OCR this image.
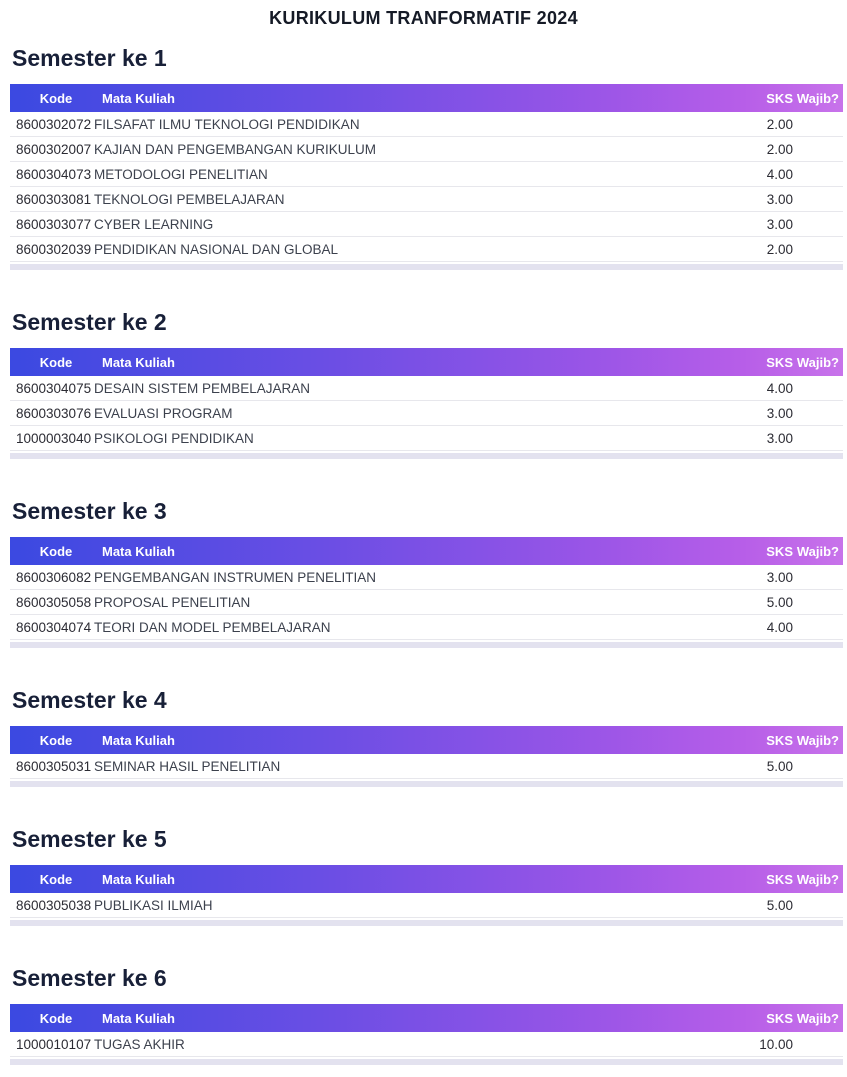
KURIKULUM TRANFORMATIF 2024
Semester ke 1
Kode	Mata Kuliah	SKS Wajib?
8600302072 FILSAFAT ILMU TEKNOLOGI PENDIDIKAN	2.00
8600302007 KAJIAN DAN PENGEMBANGAN KURIKULUM	2.00
8600304073 METODOLOGI PENELITIAN	4.00
8600303081 TEKNOLOGI PEMBELAJARAN	3.00
8600303077 CYBER LEARNING	3.00
8600302039 PENDIDIKAN NASIONAL DAN GLOBAL	2.00
Semester ke 2
Kode	Mata Kuliah	SKS Wajib?
8600304075 DESAIN SISTEM PEMBELAJARAN	4.00
8600303076 EVALUASI PROGRAM	3.00
1000003040 PSIKOLOGI PENDIDIKAN	3.00
Semester ke 3
Kode	Mata Kuliah	SKS Wajib?
8600306082 PENGEMBANGAN INSTRUMEN PENELITIAN	3.00
8600305058 PROPOSAL PENELITIAN	5.00
8600304074 TEORI DAN MODEL PEMBELAJARAN	4.00
Semester ke 4
Kode	Mata Kuliah	SKS Wajib?
8600305031 SEMINAR HASIL PENELITIAN	5.00
Semester ke 5
Kode	Mata Kuliah	SKS Wajib?
8600305038 PUBLIKASI ILMIAH	5.00
Semester ke 6
Kode	Mata Kuliah	SKS Wajib?
1000010107 TUGAS AKHIR	10.00
